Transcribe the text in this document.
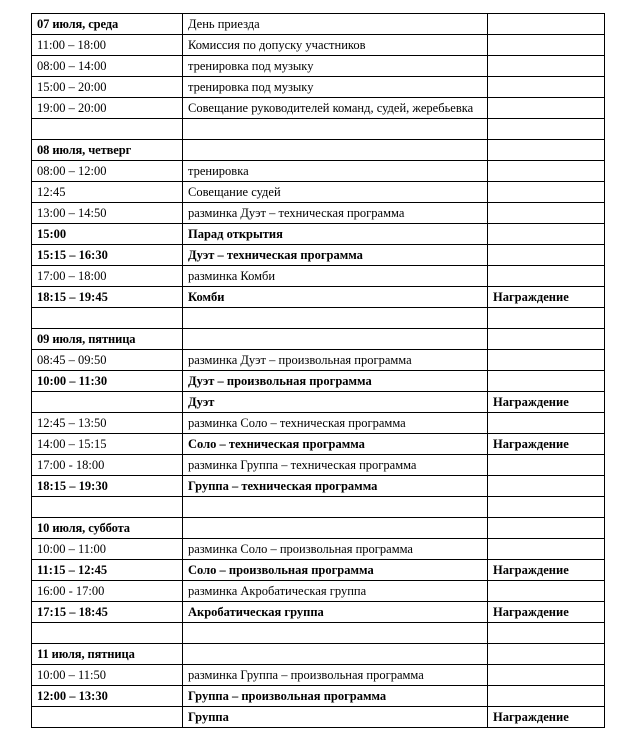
07 июля, среда	День приезда	
11:00 – 18:00	Комиссия по допуску участников	
08:00 – 14:00	тренировка под музыку	
15:00 – 20:00	тренировка под музыку	
19:00 – 20:00	Совещание руководителей команд, судей, жеребьевка	

08 июля, четверг		
08:00 – 12:00	тренировка	
12:45	Совещание судей	
13:00 – 14:50	разминка Дуэт – техническая программа	
15:00	Парад открытия	
15:15 – 16:30	Дуэт – техническая программа	
17:00 – 18:00	разминка Комби	
18:15 – 19:45	Комби	Награждение

09 июля, пятница		
08:45 – 09:50	разминка Дуэт – произвольная программа	
10:00 – 11:30	Дуэт – произвольная программа	
	Дуэт	Награждение
12:45 – 13:50	разминка Соло – техническая программа	
14:00 – 15:15	Соло – техническая программа	Награждение
17:00 - 18:00	разминка Группа – техническая программа	
18:15 – 19:30	Группа – техническая программа	

10 июля, суббота		
10:00 – 11:00	разминка Соло – произвольная программа	
11:15 – 12:45	Соло – произвольная программа	Награждение
16:00 - 17:00	разминка Акробатическая группа	
17:15 – 18:45	Акробатическая группа	Награждение

11 июля, пятница		
10:00 – 11:50	разминка Группа – произвольная программа	
12:00 – 13:30	Группа – произвольная программа	
	Группа	Награждение
